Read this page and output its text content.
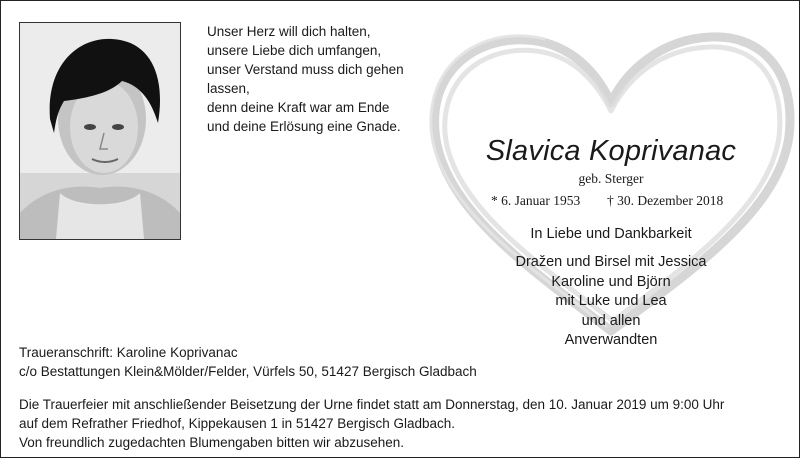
Unser Herz will dich halten,
unsere Liebe dich umfangen,
unser Verstand muss dich gehen
lassen,
denn deine Kraft war am Ende
und deine Erlösung eine Gnade.
Slavica Koprivanac
geb. Sterger
* 6. Januar 1953 † 30. Dezember 2018
In Liebe und Dankbarkeit
Dražen und Birsel mit Jessica
Karoline und Björn
mit Luke und Lea
und allen
Anverwandten
Traueranschrift: Karoline Koprivanac
c/o Bestattungen Klein&Mölder/Felder, Vürfels 50, 51427 Bergisch Gladbach
Die Trauerfeier mit anschließender Beisetzung der Urne findet statt am Donnerstag, den 10. Januar 2019 um 9:00 Uhr
auf dem Refrather Friedhof, Kippekausen 1 in 51427 Bergisch Gladbach.
Von freundlich zugedachten Blumengaben bitten wir abzusehen.
